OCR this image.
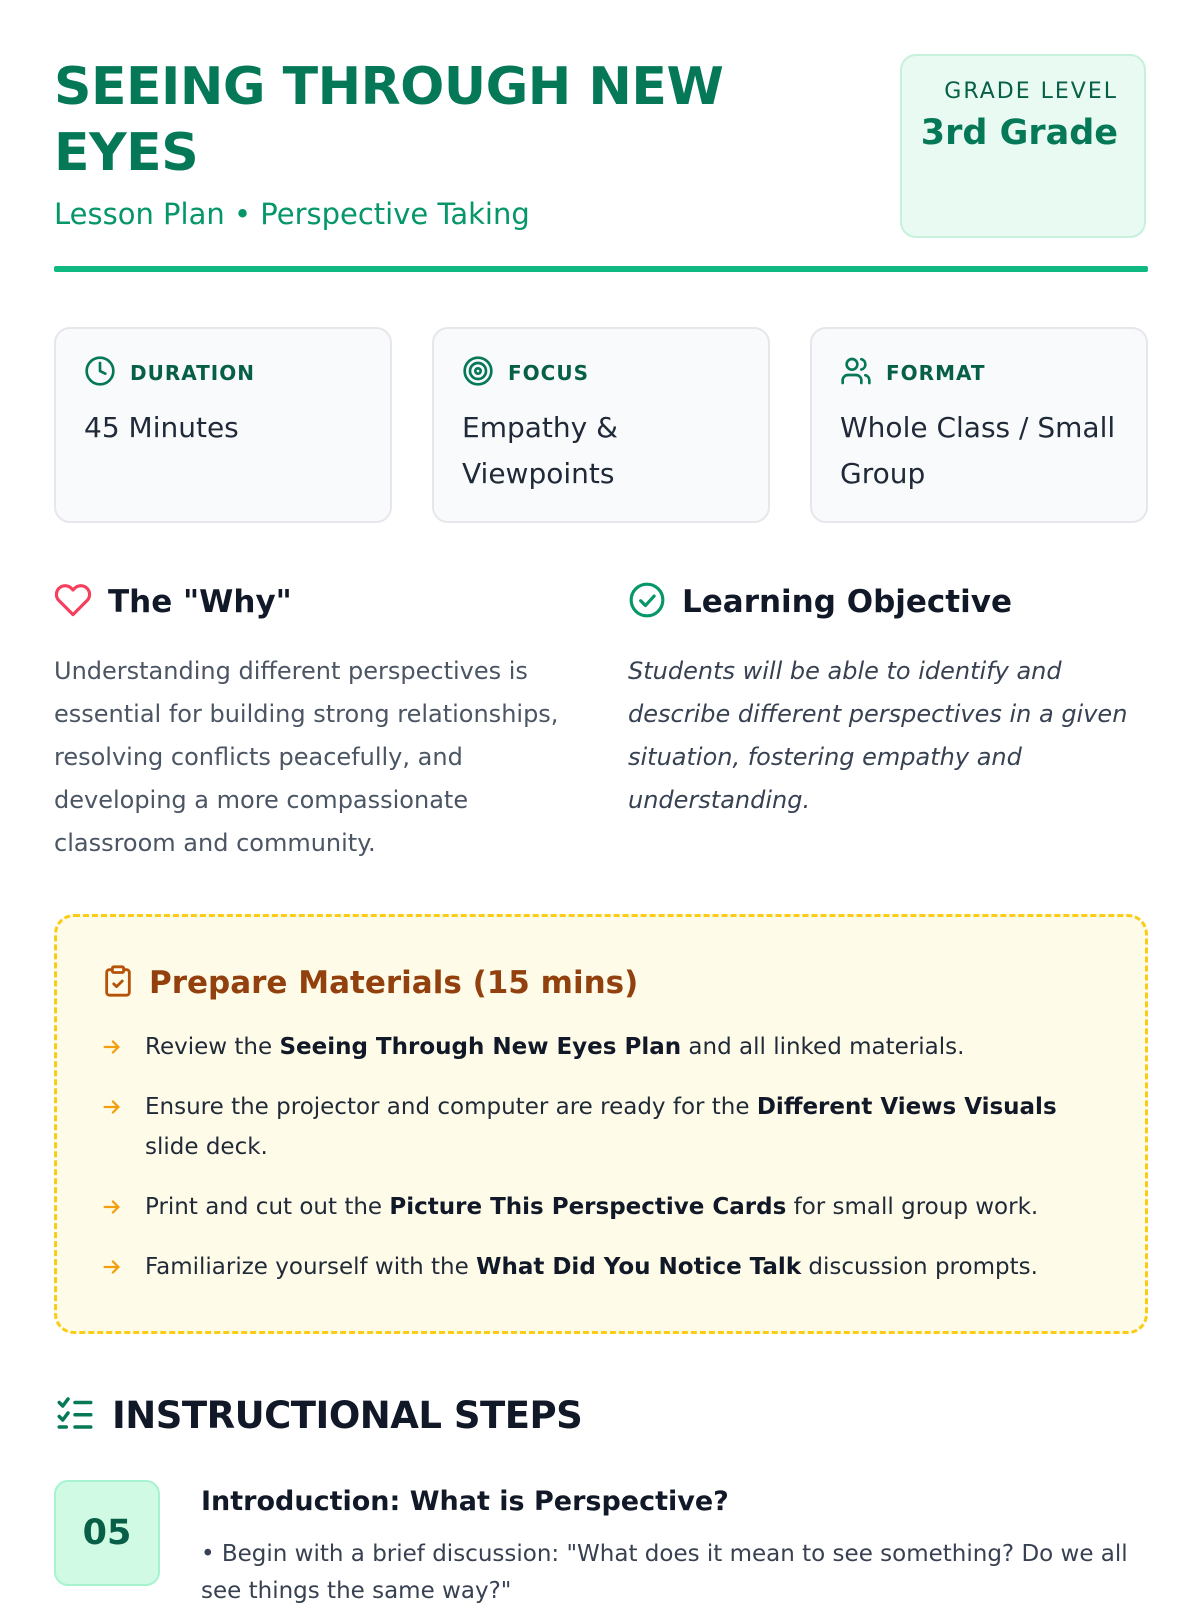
SEEING THROUGH NEW EYES
Lesson Plan • Perspective Taking
GRADE LEVEL
3rd Grade
DURATION
45 Minutes
FOCUS
Empathy & Viewpoints
FORMAT
Whole Class / Small Group
The "Why"
Understanding different perspectives is essential for building strong relationships, resolving conflicts peacefully, and developing a more compassionate classroom and community.
Learning Objective
Students will be able to identify and describe different perspectives in a given situation, fostering empathy and understanding.
Prepare Materials (15 mins)
Review the Seeing Through New Eyes Plan and all linked materials.
Ensure the projector and computer are ready for the Different Views Visuals slide deck.
Print and cut out the Picture This Perspective Cards for small group work.
Familiarize yourself with the What Did You Notice Talk discussion prompts.
INSTRUCTIONAL STEPS
05
Introduction: What is Perspective?
• Begin with a brief discussion: "What does it mean to see something? Do we all see things the same way?"
